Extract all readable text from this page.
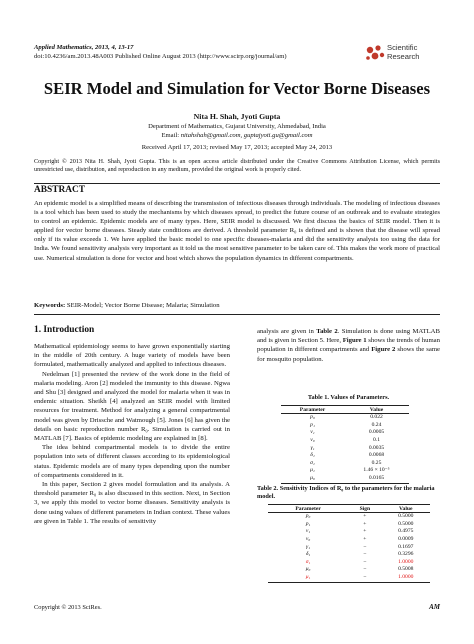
Applied Mathematics, 2013, 4, 13-17
doi:10.4236/am.2013.48A003 Published Online August 2013 (http://www.scirp.org/journal/am)
Scientific
Research
SEIR Model and Simulation for Vector Borne Diseases
Nita H. Shah, Jyoti Gupta
Department of Mathematics, Gujarat University, Ahmedabad, India
Email: nitahshah@gmail.com, guptajyoti.gu@gmail.com
Received April 17, 2013; revised May 17, 2013; accepted May 24, 2013
Copyright © 2013 Nita H. Shah, Jyoti Gupta. This is an open access article distributed under the Creative Commons Attribution License, which permits unrestricted use, distribution, and reproduction in any medium, provided the original work is properly cited.
ABSTRACT
An epidemic model is a simplified means of describing the transmission of infectious diseases through individuals. The modeling of infectious diseases is a tool which has been used to study the mechanisms by which diseases spread, to predict the future course of an outbreak and to evaluate strategies to control an epidemic. Epidemic models are of many types. Here, SEIR model is discussed. We first discuss the basics of SEIR model. Then it is applied for vector borne diseases. Steady state conditions are derived. A threshold parameter R₀ is defined and is shown that the disease will spread only if its value exceeds 1. We have applied the basic model to one specific diseases-malaria and did the sensitivity analysis too using the data for India. We found sensitivity analysis very important as it told us the most sensitive parameter to be taken care of. This makes the work more of practical use. Numerical simulation is done for vector and host which shows the population dynamics in different compartments.
Keywords: SEIR-Model; Vector Borne Disease; Malaria; Simulation
1. Introduction

Mathematical epidemiology seems to have grown exponentially starting in the middle of 20th century. A huge variety of models have been formulated, mathematically analyzed and applied to infectious diseases.

Nedelman [1] presented the review of the work done in the field of malaria modeling. Aron [2] modeled the immunity to this disease. Ngwa and Shu [3] designed and analyzed the model for malaria when it was in endemic situation. Sheikh [4] analyzed an SEIR model with limited resources for treatment. Method for analyzing a general compartmental model was given by Drissche and Watmough [5]. Jones [6] has given the details on basic reproduction number R₀. Simulation is carried out in MATLAB [7]. Basics of epidemic modeling are explained in [8].

The idea behind compartmental models is to divide the entire population into sets of different classes according to its epidemiological status. Epidemic models are of many types depending upon the number of compartments considered in it.

In this paper, Section 2 gives model formulation and its analysis. A threshold parameter R₀ is also discussed in this section. Next, in Section 3, we apply this model to vector borne diseases. Sensitivity analysis is done using values of different parameters in Indian context. These values are given in Table 1. The results of sensitivity

analysis are given in Table 2. Simulation is done using MATLAB and is given in Section 5. Here, Figure 1 shows the trends of human population in different compartments and Figure 2 shows the same for mosquito population.
Table 1. Values of Parameters.
Parameter	Value
p₀	0.022
p₁	0.24
v₁	0.0005
v₀	0.1
γ₁	0.0035
δ₁	0.0068
σ₁	0.25
μ₁	1.46 × 10⁻⁵
μ₀	0.0165
Table 2. Sensitivity Indices of R₀ to the parameters for the malaria model.
Parameter	Sign	Value
p₀	+	0.5000
p₁	+	0.5000
v₁	+	0.4975
v₀	+	0.0009
γ₁	−	0.1697
δ₁	−	0.3296
σ₁	−	1.0000
μ₀	−	0.5008
μ₁	−	1.0000
Copyright © 2013 SciRes.	AM
